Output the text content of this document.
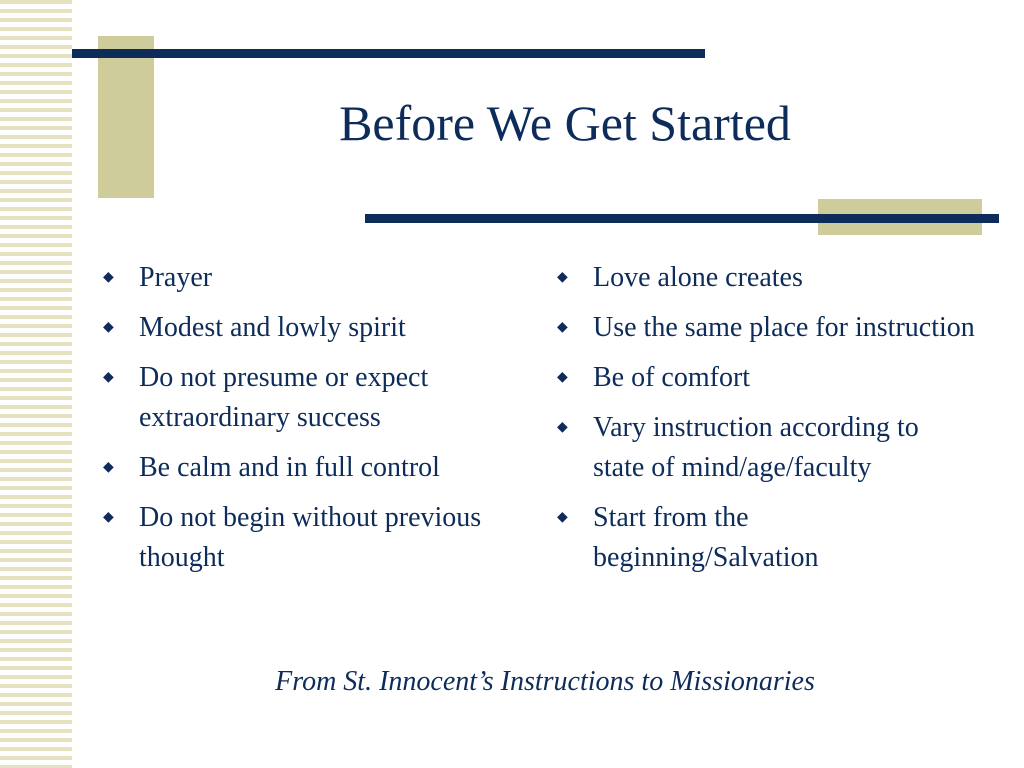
Before We Get Started
◆ Prayer
◆ Modest and lowly spirit
◆ Do not presume or expect extraordinary success
◆ Be calm and in full control
◆ Do not begin without previous thought
◆ Love alone creates
◆ Use the same place for instruction
◆ Be of comfort
◆ Vary instruction according to state of mind/age/faculty
◆ Start from the beginning/Salvation

From St. Innocent’s Instructions to Missionaries
